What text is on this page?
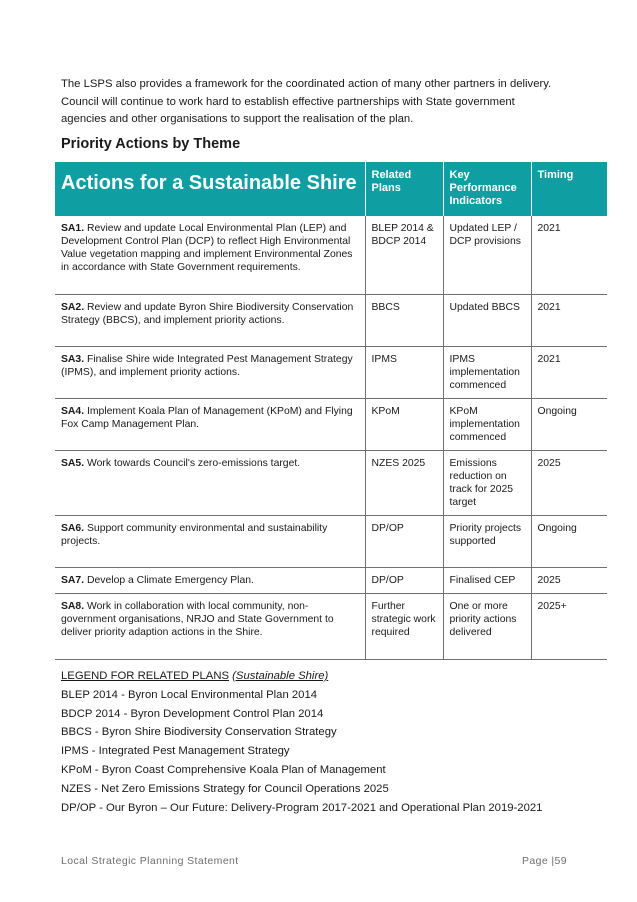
The LSPS also provides a framework for the coordinated action of many other partners in delivery.

Council will continue to work hard to establish effective partnerships with State government

agencies and other organisations to support the realisation of the plan.

Priority Actions by Theme
Actions for a Sustainable Shire	Related Plans	Key Performance Indicators	Timing
SA1. Review and update Local Environmental Plan (LEP) and Development Control Plan (DCP) to reflect High Environmental Value vegetation mapping and implement Environmental Zones in accordance with State Government requirements.	BLEP 2014 & BDCP 2014	Updated LEP / DCP provisions	2021
SA2. Review and update Byron Shire Biodiversity Conservation Strategy (BBCS), and implement priority actions.	BBCS	Updated BBCS	2021
SA3. Finalise Shire wide Integrated Pest Management Strategy (IPMS), and implement priority actions.	IPMS	IPMS implementation commenced	2021
SA4. Implement Koala Plan of Management (KPoM) and Flying Fox Camp Management Plan.	KPoM	KPoM implementation commenced	Ongoing
SA5. Work towards Council's zero-emissions target.	NZES 2025	Emissions reduction on track for 2025 target	2025
SA6. Support community environmental and sustainability projects.	DP/OP	Priority projects supported	Ongoing
SA7. Develop a Climate Emergency Plan.	DP/OP	Finalised CEP	2025
SA8. Work in collaboration with local community, non-government organisations, NRJO and State Government to deliver priority adaption actions in the Shire.	Further strategic work required	One or more priority actions delivered	2025+
LEGEND FOR RELATED PLANS (Sustainable Shire)
BLEP 2014 - Byron Local Environmental Plan 2014
BDCP 2014 - Byron Development Control Plan 2014
BBCS - Byron Shire Biodiversity Conservation Strategy
IPMS - Integrated Pest Management Strategy
KPoM - Byron Coast Comprehensive Koala Plan of Management
NZES - Net Zero Emissions Strategy for Council Operations 2025
DP/OP - Our Byron – Our Future: Delivery-Program 2017-2021 and Operational Plan 2019-2021
Local Strategic Planning Statement	Page |59
